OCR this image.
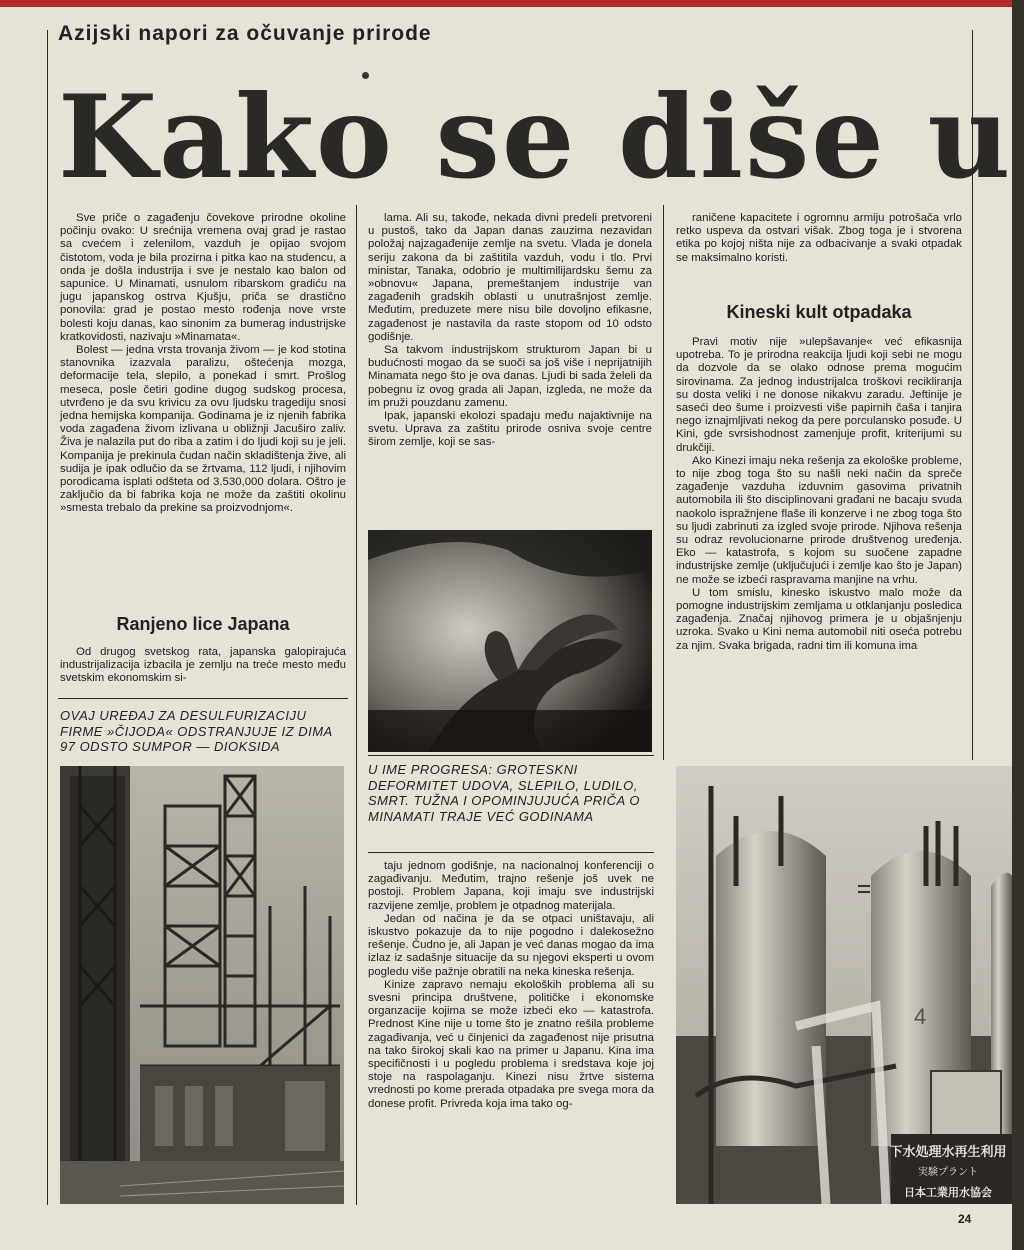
Azijski napori za očuvanje prirode
Kako se diše u

Sve priče o zagađenju čovekove prirodne okoline počinju ovako: U srećnija vremena ovaj grad je rastao sa cvećem i zelenilom, vazduh je opijao svojom čistotom, voda je bila prozirna i pitka kao na studencu, a onda je došla industrija i sve je nestalo kao balon od sapunice. U Minamati, usnulom ribarskom gradiću na jugu japanskog ostrva Kjušju, priča se drastično ponovila: grad je postao mesto rođenja nove vrste bolesti koju danas, kao sinonim za bumerag industrijske kratkovidosti, nazivaju »Minamata«.

Bolest — jedna vrsta trovanja živom — je kod stotina stanovnika izazvala paralizu, oštećenja mozga, deformacije tela, slepilo, a ponekad i smrt. Prošlog meseca, posle četiri godine dugog sudskog procesa, utvrđeno je da svu krivicu za ovu ljudsku tragediju snosi jedna hemijska kompanija. Godinama je iz njenih fabrika voda zagađena živom izlivana u obližnji Jacuširo zaliv. Živa je nalazila put do riba a zatim i do ljudi koji su je jeli. Kompanija je prekinula čudan način skladištenja žive, ali sudija je ipak odlučio da se žrtvama, 112 ljudi, i njihovim porodicama isplati odšteta od 3.530,000 dolara. Oštro je zaključio da bi fabrika koja ne može da zaštiti okolinu »smesta trebalo da prekine sa proizvodnjom«.

Ranjeno lice Japana

Od drugog svetskog rata, japanska galopirajuća industrijalizacija izbacila je zemlju na treće mesto među svetskim ekonomskim si-

OVAJ UREĐAJ ZA DESULFURIZACIJU FIRME »ČIJODA« ODSTRANJUJE IZ DIMA 97 ODSTO SUMPOR — DIOKSIDA

lama. Ali su, takođe, nekada divni predeli pretvoreni u pustoš, tako da Japan danas zauzima nezavidan položaj najzagađenije zemlje na svetu. Vlada je donela seriju zakona da bi zaštitila vazduh, vodu i tlo. Prvi ministar, Tanaka, odobrio je multimilijardsku šemu za »obnovu« Japana, premeštanjem industrije van zagađenih gradskih oblasti u unutrašnjost zemlje. Međutim, preduzete mere nisu bile dovoljno efikasne, zagađenost je nastavila da raste stopom od 10 odsto godišnje.

Sa takvom industrijskom strukturom Japan bi u budućnosti mogao da se suoči sa još više i neprijatnijih Minamata nego što je ova danas. Ljudi bi sada želeli da pobegnu iz ovog grada ali Japan, izgleda, ne može da im pruži pouzdanu zamenu.

Ipak, japanski ekolozi spadaju među najaktivnije na svetu. Uprava za zaštitu prirode osniva svoje centre širom zemlje, koji se sas-

U IME PROGRESA: GROTESKNI DEFORMITET UDOVA, SLEPILO, LUDILO, SMRT. TUŽNA I OPOMINJUJUĆA PRIČA O MINAMATI TRAJE VEĆ GODINAMA

taju jednom godišnje, na nacionalnoj konferenciji o zagađivanju. Međutim, trajno rešenje još uvek ne postoji. Problem Japana, koji imaju sve industrijski razvijene zemlje, problem je otpadnog materijala.

Jedan od načina je da se otpaci uništavaju, ali iskustvo pokazuje da to nije pogodno i dalekosežno rešenje. Čudno je, ali Japan je već danas mogao da ima izlaz iz sadašnje situacije da su njegovi eksperti u ovom pogledu više pažnje obratili na neka kineska rešenja.

Kinize zapravo nemaju ekoloških problema ali su svesni principa društvene, političke i ekonomske organzacije kojima se može izbeći eko — katastrofa. Prednost Kine nije u tome što je znatno rešila probleme zagađivanja, već u činjenici da zagađenost nije prisutna na tako širokoj skali kao na primer u Japanu. Kina ima specifičnosti i u pogledu problema i sredstava koje joj stoje na raspolaganju. Kinezi nisu žrtve sistema vrednosti po kome prerada otpadaka pre svega mora da donese profit. Privreda koja ima tako og-

raničene kapacitete i ogromnu armiju potrošača vrlo retko uspeva da ostvari višak. Zbog toga je i stvorena etika po kojoj ništa nije za odbacivanje a svaki otpadak se maksimalno koristi.

Kineski kult otpadaka

Pravi motiv nije »ulepšavanje« već efikasnija upotreba. To je prirodna reakcija ljudi koji sebi ne mogu da dozvole da se olako odnose prema mogućim sirovinama. Za jednog industrijalca troškovi recikliranja su dosta veliki i ne donose nikakvu zaradu. Jeftinije je saseći deo šume i proizvesti više papirnih čaša i tanjira nego iznajmljivati nekog da pere porculansko posuđe. U Kini, gde svrsishodnost zamenjuje profit, kriterijumi su drukčiji.

Ako Kinezi imaju neka rešenja za ekološke probleme, to nije zbog toga što su našli neki način da spreče zagađenje vazduha izduvnim gasovima privatnih automobila ili što disciplinovani građani ne bacaju svuda naokolo ispražnjene flaše ili konzerve i ne zbog toga što su ljudi zabrinuti za izgled svoje prirode. Njihova rešenja su odraz revolucionarne prirode društvenog uređenja. Eko — katastrofa, s kojom su suočene zapadne industrijske zemlje (uključujući i zemlje kao što je Japan) ne može se izbeći raspravama manjine na vrhu.

U tom smislu, kinesko iskustvo malo može da pomogne industrijskim zemljama u otklanjanju posledica zagađenja. Značaj njihovog primera je u objašnjenju uzroka. Svako u Kini nema automobil niti oseća potrebu za njim. Svaka brigada, radni tim ili komuna ima

4
下水処理水再生利用
実験プラント
日本工業用水協会
24
